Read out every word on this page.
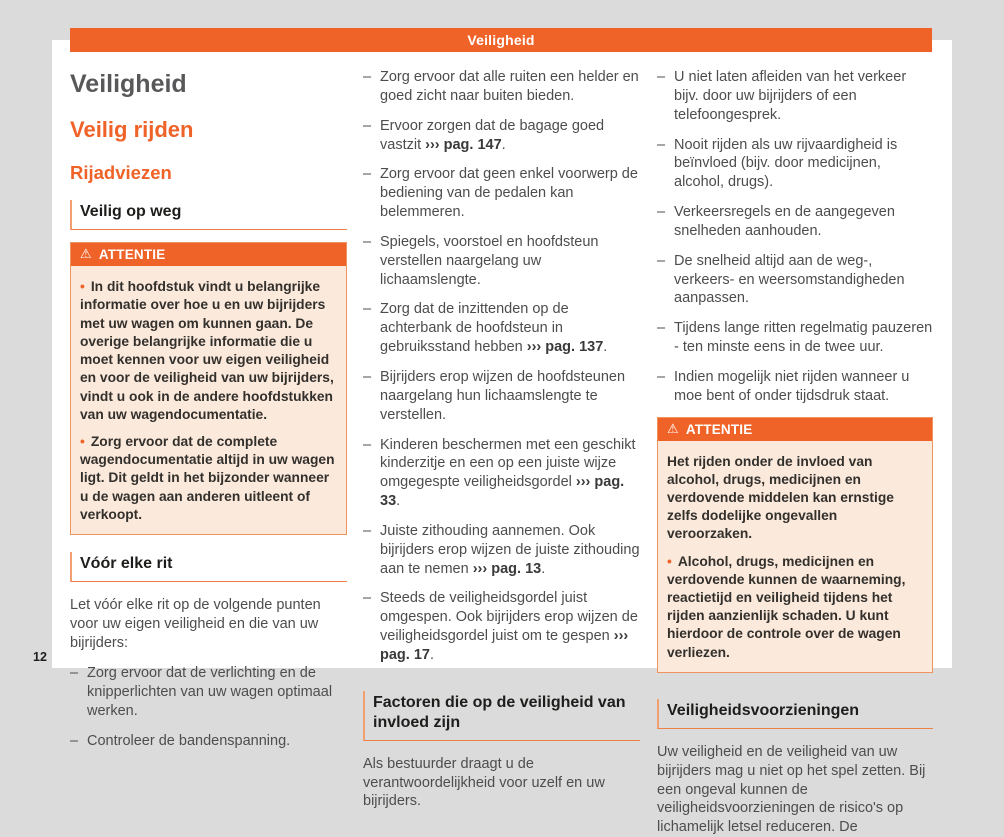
Veiligheid
Veilig rijden
Rijadviezen
Veilig op weg
⚠ ATTENTIE
• In dit hoofdstuk vindt u belangrijke informatie over hoe u en uw bijrijders met uw wagen om kunnen gaan. De overige belangrijke informatie die u moet kennen voor uw eigen veiligheid en voor de veiligheid van uw bijrijders, vindt u ook in de andere hoofdstukken van uw wagendocumentatie.
• Zorg ervoor dat de complete wagendocumentatie altijd in uw wagen ligt. Dit geldt in het bijzonder wanneer u de wagen aan anderen uitleent of verkoopt.
Vóór elke rit

Let vóór elke rit op de volgende punten voor uw eigen veiligheid en die van uw bijrijders:

– Zorg ervoor dat de verlichting en de knipperlichten van uw wagen optimaal werken.
– Controleer de bandenspanning.
– Zorg ervoor dat alle ruiten een helder en goed zicht naar buiten bieden.
– Ervoor zorgen dat de bagage goed vastzit ››› pag. 147.
– Zorg ervoor dat geen enkel voorwerp de bediening van de pedalen kan belemmeren.
– Spiegels, voorstoel en hoofdsteun verstellen naargelang uw lichaamslengte.
– Zorg dat de inzittenden op de achterbank de hoofdsteun in gebruiksstand hebben ››› pag. 137.
– Bijrijders erop wijzen de hoofdsteunen naargelang hun lichaamslengte te verstellen.
– Kinderen beschermen met een geschikt kinderzitje en een op een juiste wijze omgegespte veiligheidsgordel ››› pag. 33.
– Juiste zithouding aannemen. Ook bijrijders erop wijzen de juiste zithouding aan te nemen ››› pag. 13.
– Steeds de veiligheidsgordel juist omgespen. Ook bijrijders erop wijzen de veiligheidsgordel juist om te gespen ››› pag. 17.
Factoren die op de veiligheid van invloed zijn

Als bestuurder draagt u de verantwoordelijkheid voor uzelf en uw bijrijders.

– U niet laten afleiden van het verkeer bijv. door uw bijrijders of een telefoongesprek.
– Nooit rijden als uw rijvaardigheid is beïnvloed (bijv. door medicijnen, alcohol, drugs).
– Verkeersregels en de aangegeven snelheden aanhouden.
– De snelheid altijd aan de weg-, verkeers- en weersomstandigheden aanpassen.
– Tijdens lange ritten regelmatig pauzeren - ten minste eens in de twee uur.
– Indien mogelijk niet rijden wanneer u moe bent of onder tijdsdruk staat.
⚠ ATTENTIE
Het rijden onder de invloed van alcohol, drugs, medicijnen en verdovende middelen kan ernstige zelfs dodelijke ongevallen veroorzaken.
• Alcohol, drugs, medicijnen en verdovende kunnen de waarneming, reactietijd en veiligheid tijdens het rijden aanzienlijk schaden. U kunt hierdoor de controle over de wagen verliezen.
Veiligheidsvoorzieningen

Uw veiligheid en de veiligheid van uw bijrijders mag u niet op het spel zetten. Bij een ongeval kunnen de veiligheidsvoorzieningen de risico's op lichamelijk letsel reduceren. De

Veiligheid
12
